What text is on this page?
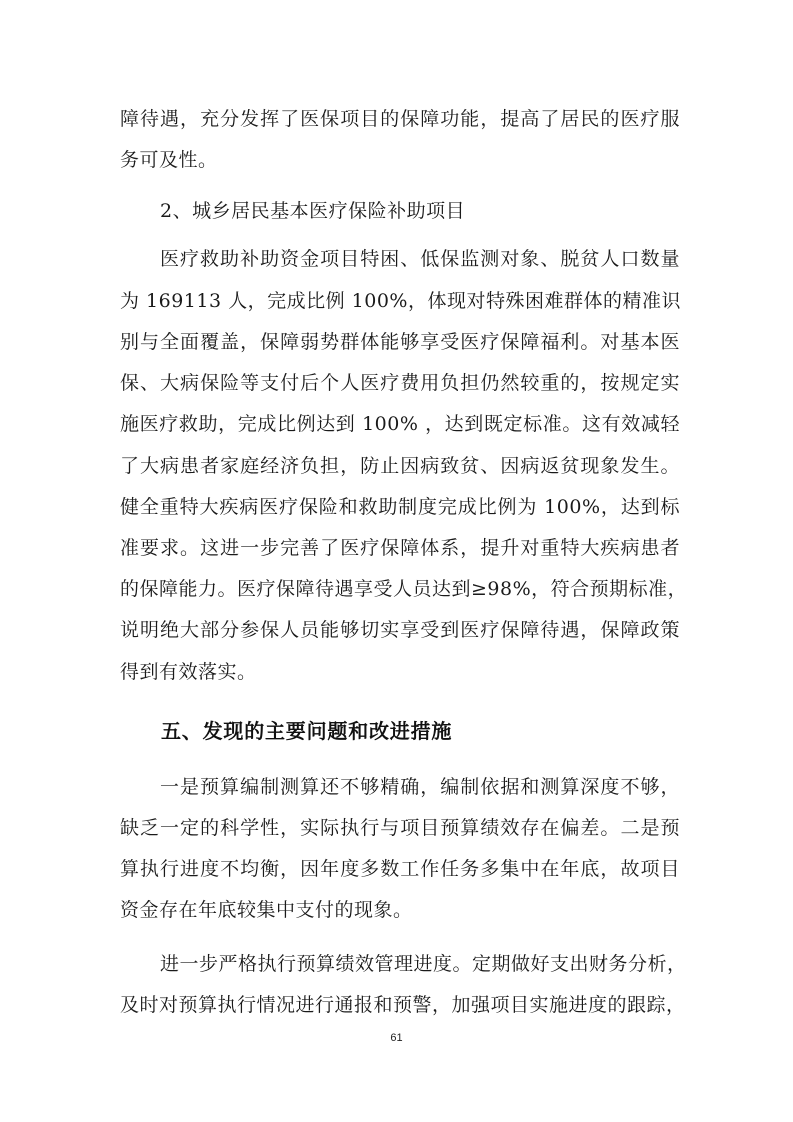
障待遇，充分发挥了医保项目的保障功能，提高了居民的医疗服
务可及性。
2、城乡居民基本医疗保险补助项目
医疗救助补助资金项目特困、低保监测对象、脱贫人口数量
为 169113 人，完成比例 100%，体现对特殊困难群体的精准识
别与全面覆盖，保障弱势群体能够享受医疗保障福利。对基本医
保、大病保险等支付后个人医疗费用负担仍然较重的，按规定实
施医疗救助，完成比例达到 100% ，达到既定标准。这有效减轻
了大病患者家庭经济负担，防止因病致贫、因病返贫现象发生。
健全重特大疾病医疗保险和救助制度完成比例为 100%，达到标
准要求。这进一步完善了医疗保障体系，提升对重特大疾病患者
的保障能力。医疗保障待遇享受人员达到≥98%，符合预期标准，
说明绝大部分参保人员能够切实享受到医疗保障待遇，保障政策
得到有效落实。
五、发现的主要问题和改进措施
一是预算编制测算还不够精确，编制依据和测算深度不够，
缺乏一定的科学性，实际执行与项目预算绩效存在偏差。二是预
算执行进度不均衡，因年度多数工作任务多集中在年底，故项目
资金存在年底较集中支付的现象。
进一步严格执行预算绩效管理进度。定期做好支出财务分析，
及时对预算执行情况进行通报和预警，加强项目实施进度的跟踪，
61
